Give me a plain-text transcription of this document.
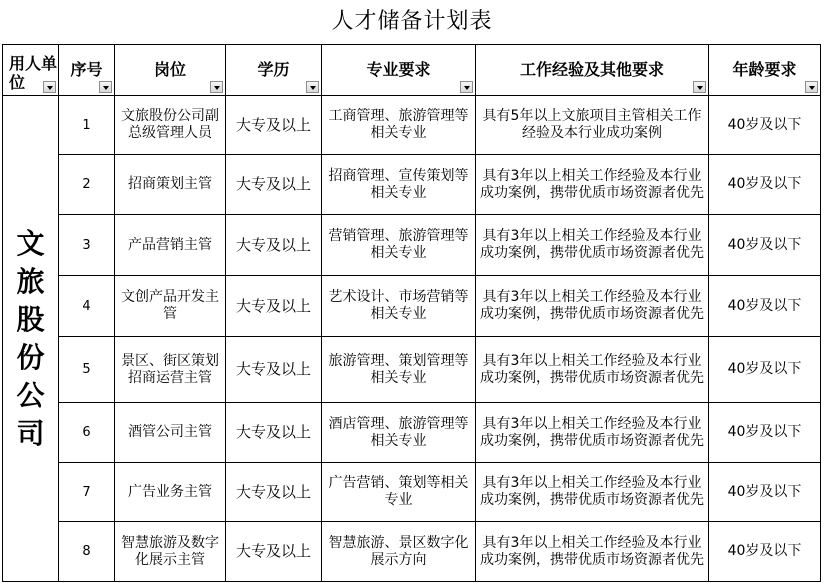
人才储备计划表
用人单位	序号	岗位	学历	专业要求	工作经验及其他要求	年龄要求

文旅股份公司	1	文旅股份公司副总级管理人员	大专及以上	工商管理、旅游管理等相关专业	具有5年以上文旅项目主管相关工作经验及本行业成功案例	40岁及以下
	2	招商策划主管	大专及以上	招商管理、宣传策划等相关专业	具有3年以上相关工作经验及本行业成功案例，携带优质市场资源者优先	40岁及以下
	3	产品营销主管	大专及以上	营销管理、旅游管理等相关专业	具有3年以上相关工作经验及本行业成功案例，携带优质市场资源者优先	40岁及以下
	4	文创产品开发主管	大专及以上	艺术设计、市场营销等相关专业	具有3年以上相关工作经验及本行业成功案例，携带优质市场资源者优先	40岁及以下
	5	景区、街区策划招商运营主管	大专及以上	旅游管理、策划管理等相关专业	具有3年以上相关工作经验及本行业成功案例，携带优质市场资源者优先	40岁及以下
	6	酒管公司主管	大专及以上	酒店管理、旅游管理等相关专业	具有3年以上相关工作经验及本行业成功案例，携带优质市场资源者优先	40岁及以下
	7	广告业务主管	大专及以上	广告营销、策划等相关专业	具有3年以上相关工作经验及本行业成功案例，携带优质市场资源者优先	40岁及以下
	8	智慧旅游及数字化展示主管	大专及以上	智慧旅游、景区数字化展示方向	具有3年以上相关工作经验及本行业成功案例，携带优质市场资源者优先	40岁及以下
